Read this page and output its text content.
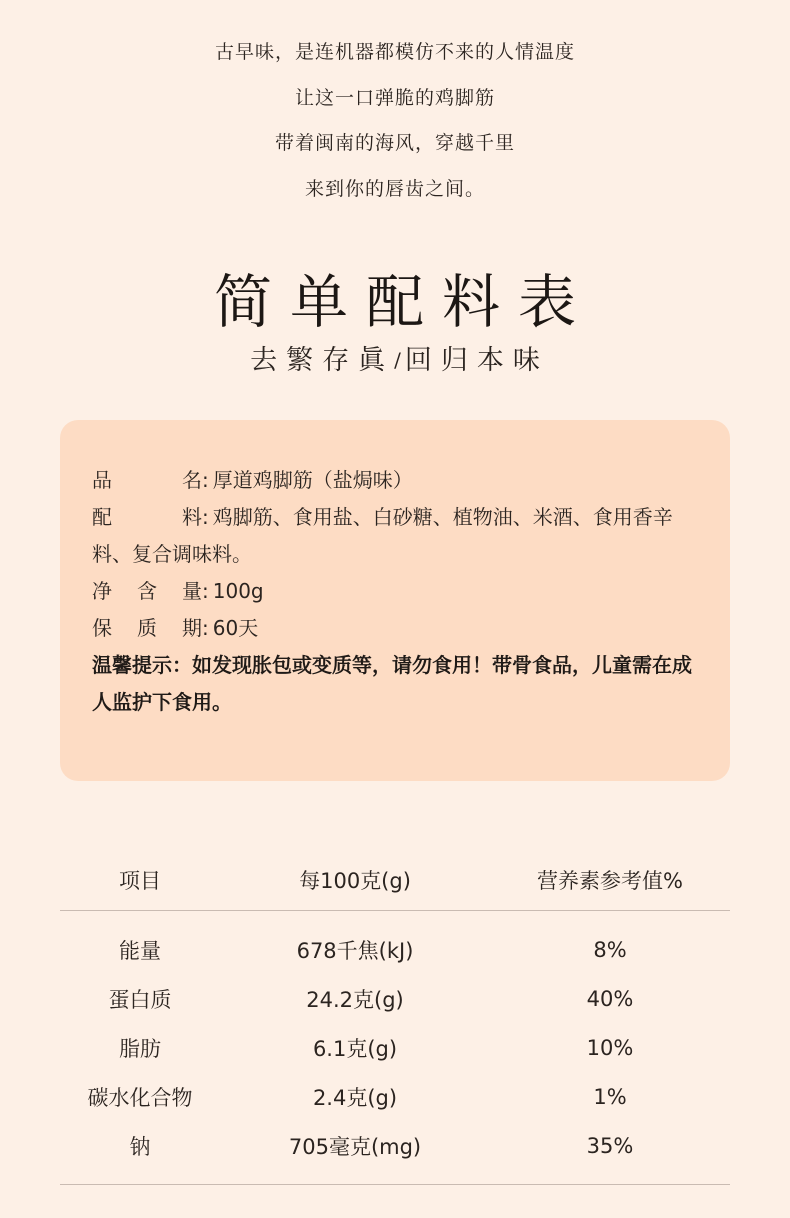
古早味，是连机器都模仿不来的人情温度
让这一口弹脆的鸡脚筋
带着闽南的海风，穿越千里
来到你的唇齿之间。
简单配料表
去繁存眞/回归本味
品名: 厚道鸡脚筋（盐焗味）
配料: 鸡脚筋、食用盐、白砂糖、植物油、米酒、食用香辛料、复合调味料。
净含量: 100g
保质期: 60天
温馨提示：如发现胀包或变质等，请勿食用！带骨食品，儿童需在成人监护下食用。
项目	每100克(g)	营养素参考值%
能量	678千焦(kJ)	8%
蛋白质	24.2克(g)	40%
脂肪	6.1克(g)	10%
碳水化合物	2.4克(g)	1%
钠	705毫克(mg)	35%
